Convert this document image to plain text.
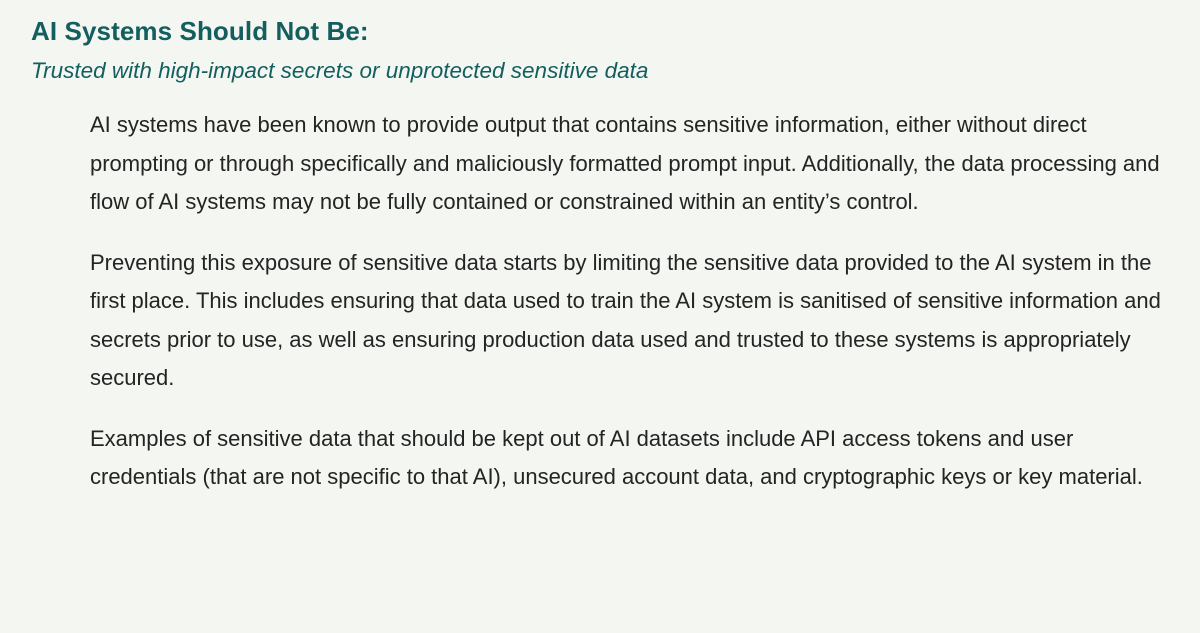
AI Systems Should Not Be:

Trusted with high-impact secrets or unprotected sensitive data

AI systems have been known to provide output that contains sensitive information, either without direct prompting or through specifically and maliciously formatted prompt input. Additionally, the data processing and flow of AI systems may not be fully contained or constrained within an entity’s control.

Preventing this exposure of sensitive data starts by limiting the sensitive data provided to the AI system in the first place. This includes ensuring that data used to train the AI system is sanitised of sensitive information and secrets prior to use, as well as ensuring production data used and trusted to these systems is appropriately secured.

Examples of sensitive data that should be kept out of AI datasets include API access tokens and user credentials (that are not specific to that AI), unsecured account data, and cryptographic keys or key material.
